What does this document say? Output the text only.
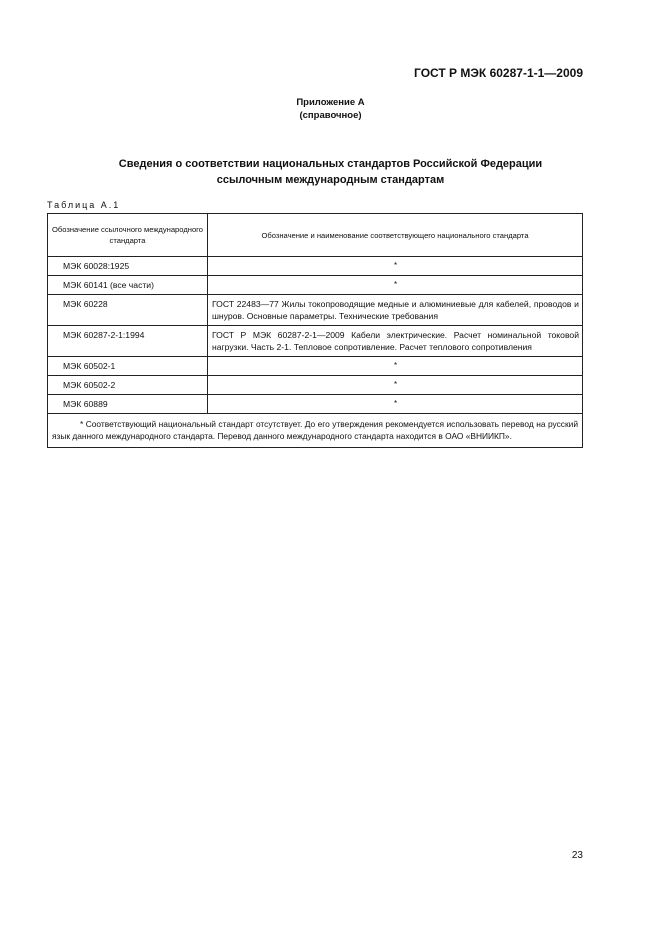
ГОСТ Р МЭК 60287-1-1—2009
Приложение А
(справочное)
Сведения о соответствии национальных стандартов Российской Федерации
ссылочным международным стандартам
Таблица А.1
Обозначение ссылочного международного стандарта	Обозначение и наименование соответствующего национального стандарта
МЭК 60028:1925	*
МЭК 60141 (все части)	*
МЭК 60228	ГОСТ 22483—77 Жилы токопроводящие медные и алюминиевые для кабелей, проводов и шнуров. Основные параметры. Технические требования
МЭК 60287-2-1:1994	ГОСТ Р МЭК 60287-2-1—2009 Кабели электрические. Расчет номинальной токовой нагрузки. Часть 2-1. Тепловое сопротивление. Расчет теплового сопротивления
МЭК 60502-1	*
МЭК 60502-2	*
МЭК 60889	*

* Соответствующий национальный стандарт отсутствует. До его утверждения рекомендуется использовать перевод на русский язык данного международного стандарта. Перевод данного международного стандарта находится в ОАО «ВНИИКП».	
23
